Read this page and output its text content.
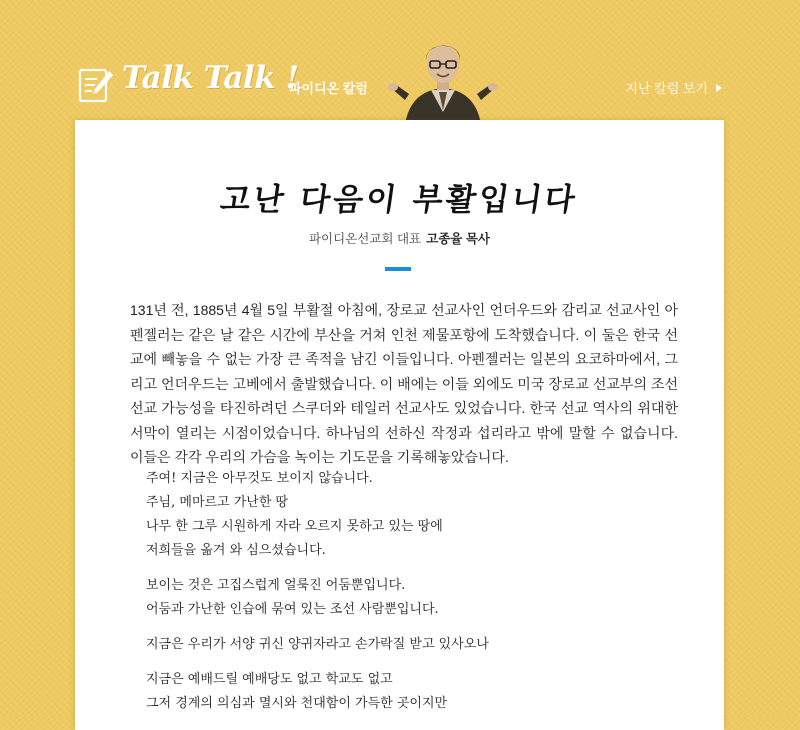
Talk Talk !
파이디온 칼럼	지난 칼럼 보기
고난 다음이 부활입니다
파이디온선교회 대표 고종율 목사

131년 전, 1885년 4월 5일 부활절 아침에, 장로교 선교사인 언더우드와 감리교 선교사인 아펜젤러는 같은 날 같은 시간에 부산을 거쳐 인천 제물포항에 도착했습니다. 이 둘은 한국 선교에 빼놓을 수 없는 가장 큰 족적을 남긴 이들입니다. 아펜젤러는 일본의 요코하마에서, 그리고 언더우드는 고베에서 출발했습니다. 이 배에는 이들 외에도 미국 장로교 선교부의 조선 선교 가능성을 타진하려던 스쿠더와 테일러 선교사도 있었습니다. 한국 선교 역사의 위대한 서막이 열리는 시점이었습니다. 하나님의 선하신 작정과 섭리라고 밖에 말할 수 없습니다. 이들은 각각 우리의 가슴을 녹이는 기도문을 기록해놓았습니다.

주여! 지금은 아무것도 보이지 않습니다.
주님, 메마르고 가난한 땅
나무 한 그루 시원하게 자라 오르지 못하고 있는 땅에
저희들을 옮겨 와 심으셨습니다.
보이는 것은 고집스럽게 얼룩진 어둠뿐입니다.
어둠과 가난한 인습에 묶여 있는 조선 사람뿐입니다.
지금은 우리가 서양 귀신 양귀자라고 손가락질 받고 있사오나
지금은 예배드릴 예배당도 없고 학교도 없고
그저 경계의 의심과 멸시와 천대함이 가득한 곳이지만
